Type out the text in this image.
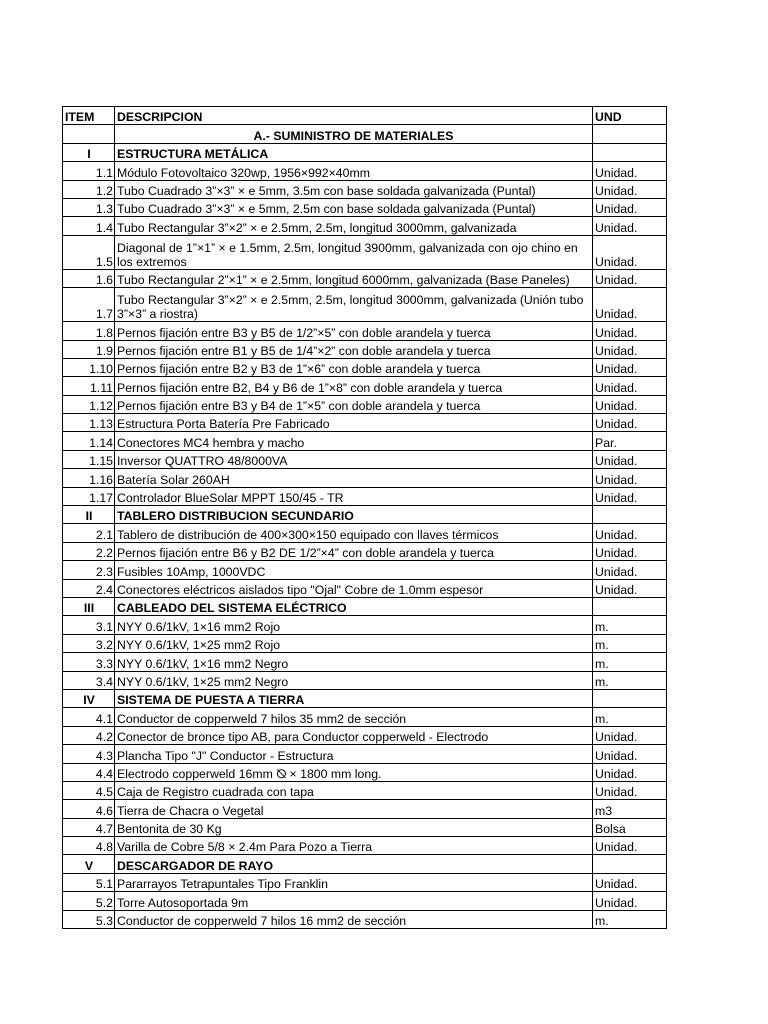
ITEM	DESCRIPCION	UND
	A.- SUMINISTRO DE MATERIALES	
I	ESTRUCTURA METÁLICA	
1.1	Módulo Fotovoltaico 320wp, 1956×992×40mm	Unidad.
1.2	Tubo Cuadrado 3”×3” × e 5mm, 3.5m con base soldada galvanizada (Puntal)	Unidad.
1.3	Tubo Cuadrado 3”×3” × e 5mm, 2.5m con base soldada galvanizada (Puntal)	Unidad.
1.4	Tubo Rectangular 3”×2” × e 2.5mm, 2.5m, longitud 3000mm, galvanizada	Unidad.
1.5	Diagonal de 1”×1” × e 1.5mm, 2.5m, longitud 3900mm, galvanizada con ojo chino en los extremos	Unidad.
1.6	Tubo Rectangular 2”×1” × e 2.5mm, longitud 6000mm, galvanizada (Base Paneles)	Unidad.
1.7	Tubo Rectangular 3”×2” × e 2.5mm, 2.5m, longitud 3000mm, galvanizada (Unión tubo 3”×3” a riostra)	Unidad.
1.8	Pernos fijación entre B3 y B5 de 1/2”×5” con doble arandela y tuerca	Unidad.
1.9	Pernos fijación entre B1 y B5 de 1/4”×2” con doble arandela y tuerca	Unidad.
1.10	Pernos fijación entre B2 y B3 de 1”×6” con doble arandela y tuerca	Unidad.
1.11	Pernos fijación entre B2, B4 y B6 de 1”×8” con doble arandela y tuerca	Unidad.
1.12	Pernos fijación entre B3 y B4 de 1”×5” con doble arandela y tuerca	Unidad.
1.13	Estructura Porta Batería Pre Fabricado	Unidad.
1.14	Conectores MC4 hembra y macho	Par.
1.15	Inversor QUATTRO 48/8000VA	Unidad.
1.16	Batería Solar 260AH	Unidad.
1.17	Controlador BlueSolar MPPT 150/45 - TR	Unidad.
II	TABLERO DISTRIBUCION SECUNDARIO	
2.1	Tablero de distribución de 400×300×150 equipado con llaves térmicos	Unidad.
2.2	Pernos fijación entre B6 y B2 DE 1/2”×4” con doble arandela y tuerca	Unidad.
2.3	Fusibles 10Amp, 1000VDC	Unidad.
2.4	Conectores eléctricos aislados tipo "Ojal" Cobre de 1.0mm espesor	Unidad.
III	CABLEADO DEL SISTEMA ELÉCTRICO	
3.1	NYY 0.6/1kV, 1×16 mm2 Rojo	m.
3.2	NYY 0.6/1kV, 1×25 mm2 Rojo	m.
3.3	NYY 0.6/1kV, 1×16 mm2 Negro	m.
3.4	NYY 0.6/1kV, 1×25 mm2 Negro	m.
IV	SISTEMA DE PUESTA A TIERRA	
4.1	Conductor de copperweld 7 hilos 35 mm2 de sección	m.
4.2	Conector de bronce tipo AB, para Conductor copperweld - Electrodo	Unidad.
4.3	Plancha Tipo "J" Conductor - Estructura	Unidad.
4.4	Electrodo copperweld 16mm ⦰ × 1800 mm long.	Unidad.
4.5	Caja de Registro cuadrada con tapa	Unidad.
4.6	Tierra de Chacra o Vegetal	m3
4.7	Bentonita de 30 Kg	Bolsa
4.8	Varilla de Cobre 5/8 × 2.4m Para Pozo a Tierra	Unidad.
V	DESCARGADOR DE RAYO	
5.1	Pararrayos Tetrapuntales Tipo Franklin	Unidad.
5.2	Torre Autosoportada 9m	Unidad.
5.3	Conductor de copperweld 7 hilos 16 mm2 de sección	m.
